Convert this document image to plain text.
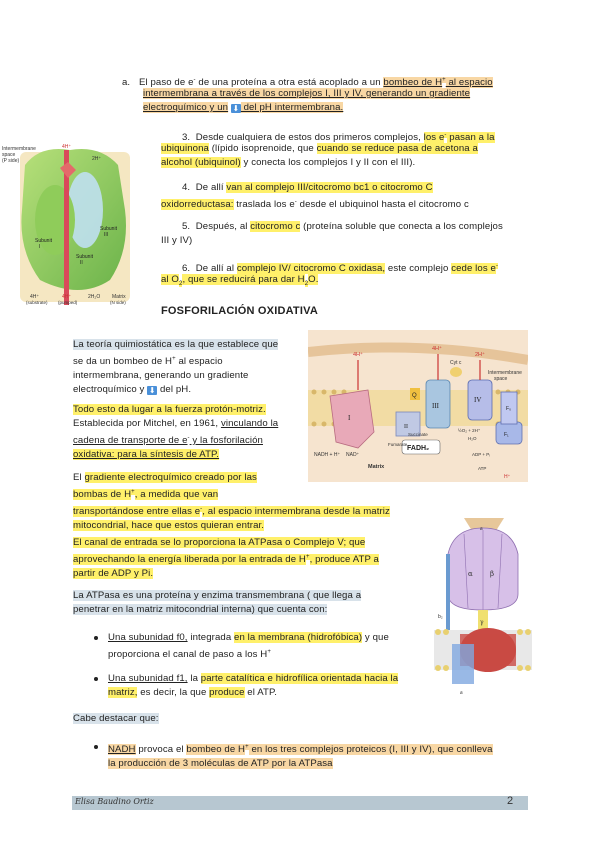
a. El paso de e- de una proteína a otra está acoplado a un bombeo de H+ al espacio
intermembrana a través de los complejos I, III y IV, generando un gradiente
electroquímico y un ⬇ del pH intermembrana.
Intermembrane
space
(P side)
4H⁺
2H⁺
Subunit
I
Subunit
II
Subunit
III
4H⁺
(substrate)
4H⁺
(pumped)
2H₂O Matrix
(N side)
3. Desde cualquiera de estos dos primeros complejos, los e- pasan a la
ubiquinona (lípido isoprenoide, que cuando se reduce pasa de acetona a
alcohol (ubiquinol) y conecta los complejos I y II con el III).
4. De allí van al complejo III/citocromo bc1 o citocromo C
oxidorreductasa: traslada los e- desde el ubiquinol hasta el citocromo c
5. Después, al citocromo c (proteína soluble que conecta a los complejos
III y IV)
6. De allí al complejo IV/ citocromo C oxidasa, este complejo cede los e-
al $O_2$, que se reducirá para dar $H_2O$.
FOSFORILACIÓN OXIDATIVA
La teoría quimiostática es la que establece que
se da un bombeo de H+ al espacio
intermembrana, generando un gradiente
electroquímico y ⬇ del pH.
Todo esto da lugar a la fuerza protón-motriz.
Establecida por Mitchel, en 1961, vinculando la
cadena de transporte de e- y la fosforilación
oxidativa: para la síntesis de ATP.
FADH₂
4H⁺
4H⁺
2H⁺
Cyt c
Intermembrane
space
I
II
III
IV
Q
NADH + H⁺ NAD⁺
Succinate
Fumarate
½O₂ + 2H⁺
H₂O
Matrix
ADP + Pᵢ
ATP
F₀
F₁
H⁺
El gradiente electroquímico creado por las
bombas de H+, a medida que van
transportándose entre ellas e , al espacio intermembrana desde la matriz
mitocondrial, hace que estos quieran entrar.	a
α β
γ
b₂
a
El canal de entrada se lo proporciona la ATPasa o Complejo V; que
aprovechando la energía liberada por la entrada de H+, produce ATP a
partir de ADP y Pi.
La ATPasa es una proteína y enzima transmembrana ( que llega a
penetrar en la matriz mitocondrial interna) que cuenta con:
Una subunidad f0, integrada en la membrana (hidrofóbica) y que
proporciona el canal de paso a los H+
Una subunidad f1, la parte catalítica e hidrofílica orientada hacia la
matriz, es decir, la que produce el ATP.
Cabe destacar que:
NADH provoca el bombeo de H+ en los tres complejos proteicos (I, III y IV), que conlleva
la producción de 3 moléculas de ATP por la ATPasa
Elisa Baudino Ortiz	2
